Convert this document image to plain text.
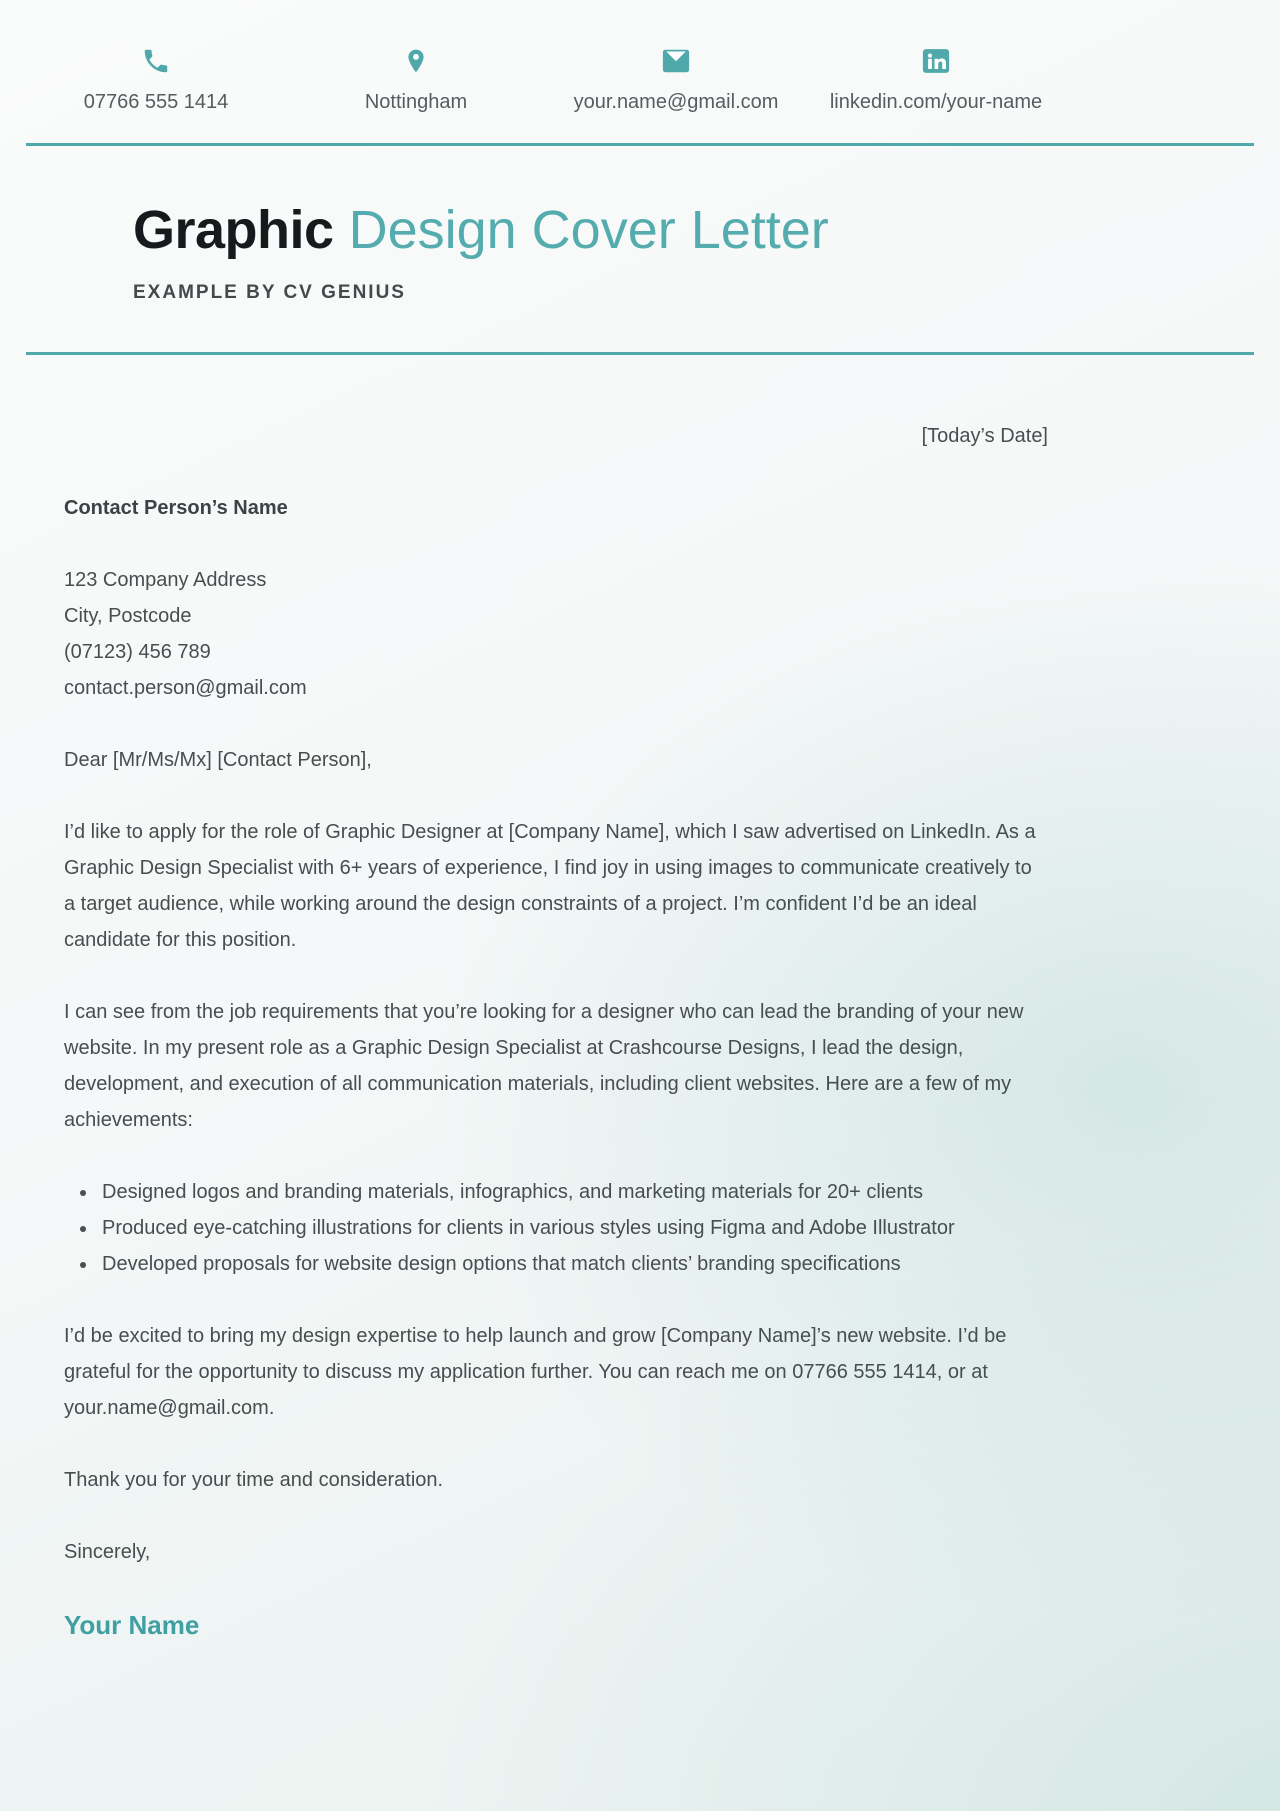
07766 555 1414	Nottingham	your.name@gmail.com	linkedin.com/your-name
Graphic Design Cover Letter
EXAMPLE BY CV GENIUS

[Today’s Date]

Contact Person’s Name

123 Company Address
City, Postcode
(07123) 456 789
contact.person@gmail.com

Dear [Mr/Ms/Mx] [Contact Person],

I’d like to apply for the role of Graphic Designer at [Company Name], which I saw advertised on LinkedIn. As a Graphic Design Specialist with 6+ years of experience, I find joy in using images to communicate creatively to a target audience, while working around the design constraints of a project. I’m confident I’d be an ideal candidate for this position.

I can see from the job requirements that you’re looking for a designer who can lead the branding of your new website. In my present role as a Graphic Design Specialist at Crashcourse Designs, I lead the design, development, and execution of all communication materials, including client websites. Here are a few of my achievements:

• Designed logos and branding materials, infographics, and marketing materials for 20+ clients
• Produced eye-catching illustrations for clients in various styles using Figma and Adobe Illustrator
• Developed proposals for website design options that match clients’ branding specifications

I’d be excited to bring my design expertise to help launch and grow [Company Name]’s new website. I’d be grateful for the opportunity to discuss my application further. You can reach me on 07766 555 1414, or at your.name@gmail.com.

Thank you for your time and consideration.

Sincerely,

Your Name
